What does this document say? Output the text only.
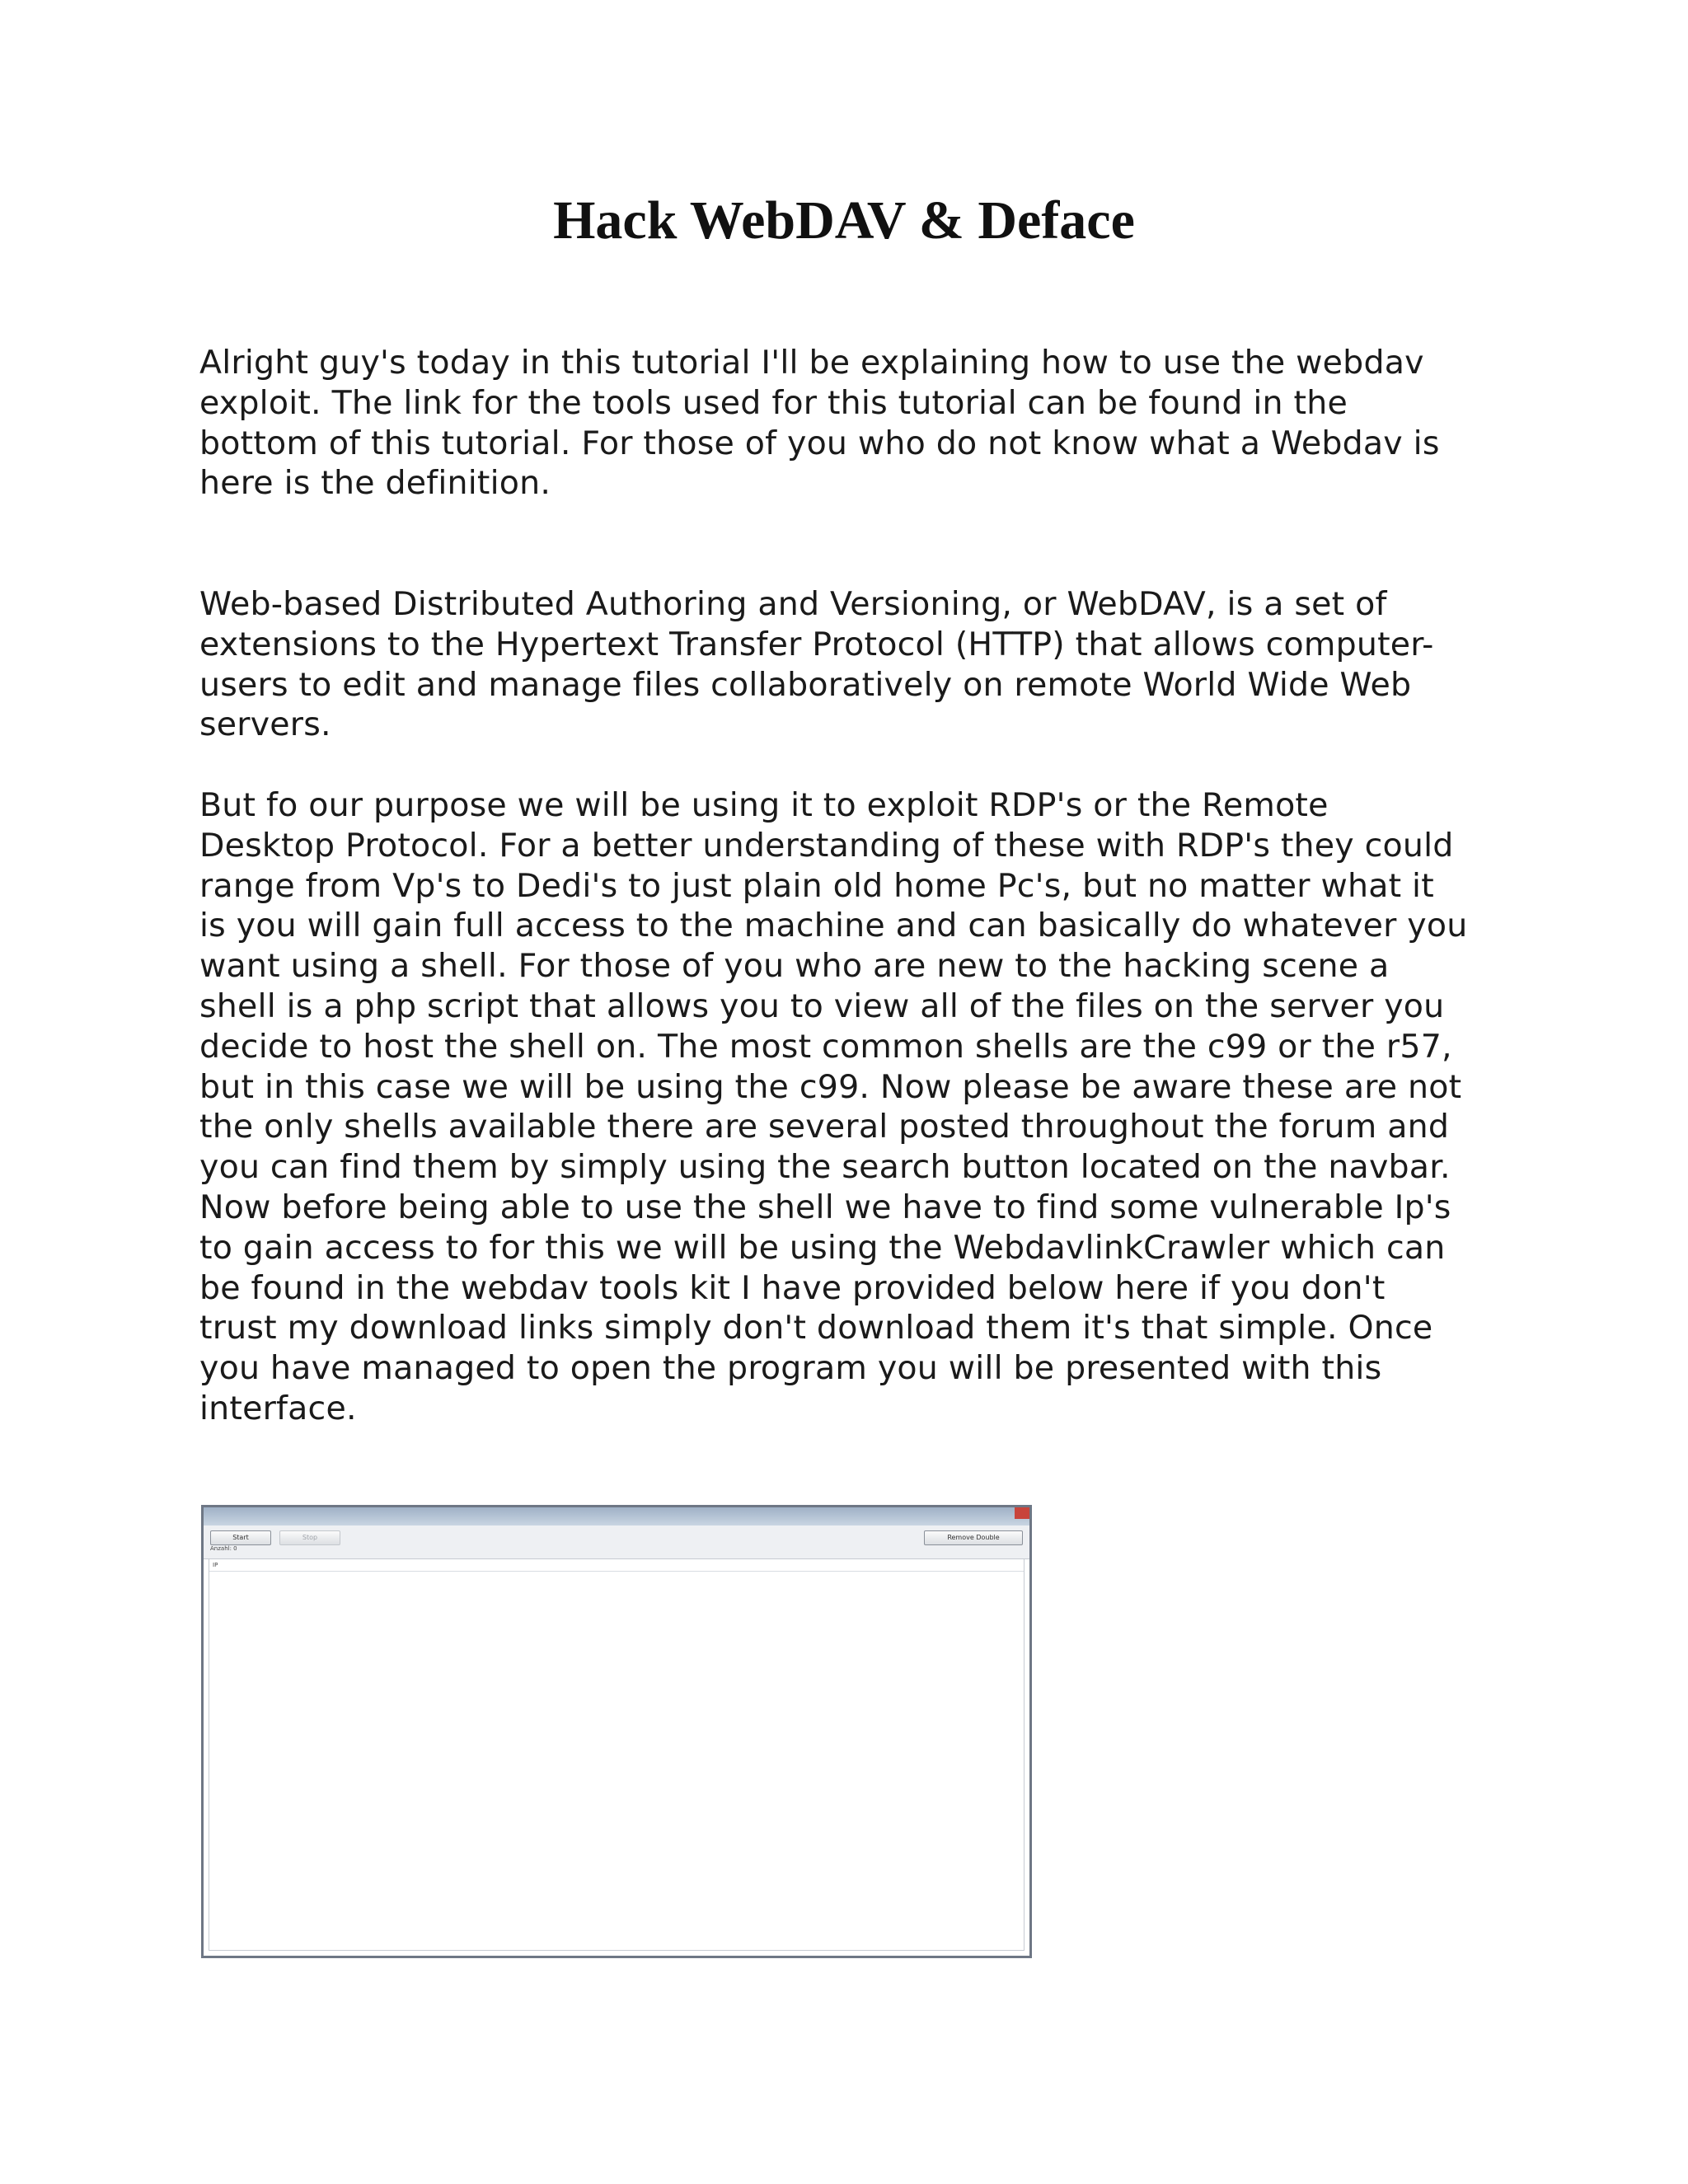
Hack WebDAV & Deface

Alright guy's today in this tutorial I'll be explaining how to use the webdav
exploit. The link for the tools used for this tutorial can be found in the
bottom of this tutorial. For those of you who do not know what a Webdav is
here is the definition.

Web-based Distributed Authoring and Versioning, or WebDAV, is a set of
extensions to the Hypertext Transfer Protocol (HTTP) that allows computer-
users to edit and manage files collaboratively on remote World Wide Web
servers.

But fo our purpose we will be using it to exploit RDP's or the Remote
Desktop Protocol. For a better understanding of these with RDP's they could
range from Vp's to Dedi's to just plain old home Pc's, but no matter what it
is you will gain full access to the machine and can basically do whatever you
want using a shell. For those of you who are new to the hacking scene a
shell is a php script that allows you to view all of the files on the server you
decide to host the shell on. The most common shells are the c99 or the r57,
but in this case we will be using the c99. Now please be aware these are not
the only shells available there are several posted throughout the forum and
you can find them by simply using the search button located on the navbar.
Now before being able to use the shell we have to find some vulnerable Ip's
to gain access to for this we will be using the WebdavlinkCrawler which can
be found in the webdav tools kit I have provided below here if you don't
trust my download links simply don't download them it's that simple. Once
you have managed to open the program you will be presented with this
interface.

Start	Stop	Remove Double
Anzahl: 0
IP
